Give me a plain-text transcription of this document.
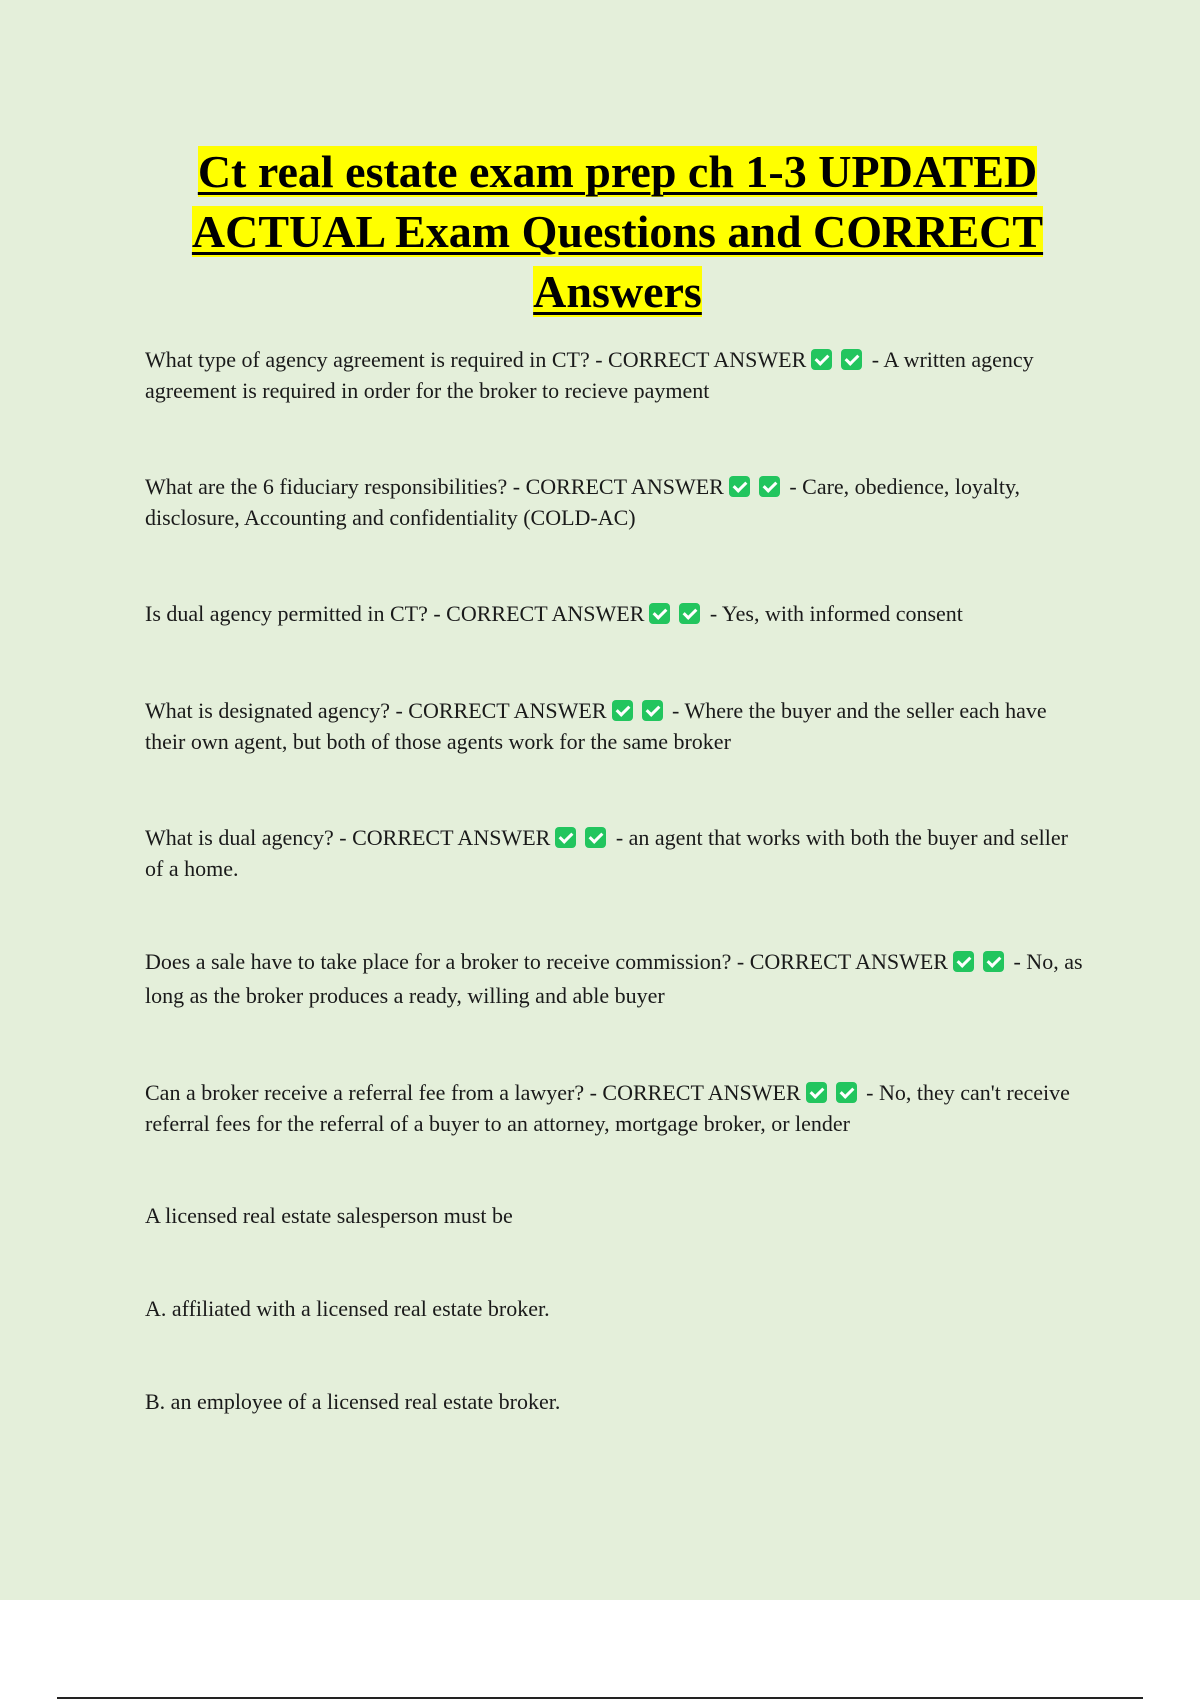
Ct real estate exam prep ch 1-3 UPDATED ACTUAL Exam Questions and CORRECT Answers

What type of agency agreement is required in CT? - CORRECT ANSWER	- A written agency agreement is required in order for the broker to recieve payment

What are the 6 fiduciary responsibilities? - CORRECT ANSWER	- Care, obedience, loyalty, disclosure, Accounting and confidentiality (COLD-AC)

Is dual agency permitted in CT? - CORRECT ANSWER	- Yes, with informed consent

What is designated agency? - CORRECT ANSWER	- Where the buyer and the seller each have their own agent, but both of those agents work for the same broker

What is dual agency? - CORRECT ANSWER	- an agent that works with both the buyer and seller of a home.

Does a sale have to take place for a broker to receive commission? - CORRECT ANSWER	- No, as long as the broker produces a ready, willing and able buyer

Can a broker receive a referral fee from a lawyer? - CORRECT ANSWER	- No, they can't receive referral fees for the referral of a buyer to an attorney, mortgage broker, or lender

A licensed real estate salesperson must be

A. affiliated with a licensed real estate broker.

B. an employee of a licensed real estate broker.
